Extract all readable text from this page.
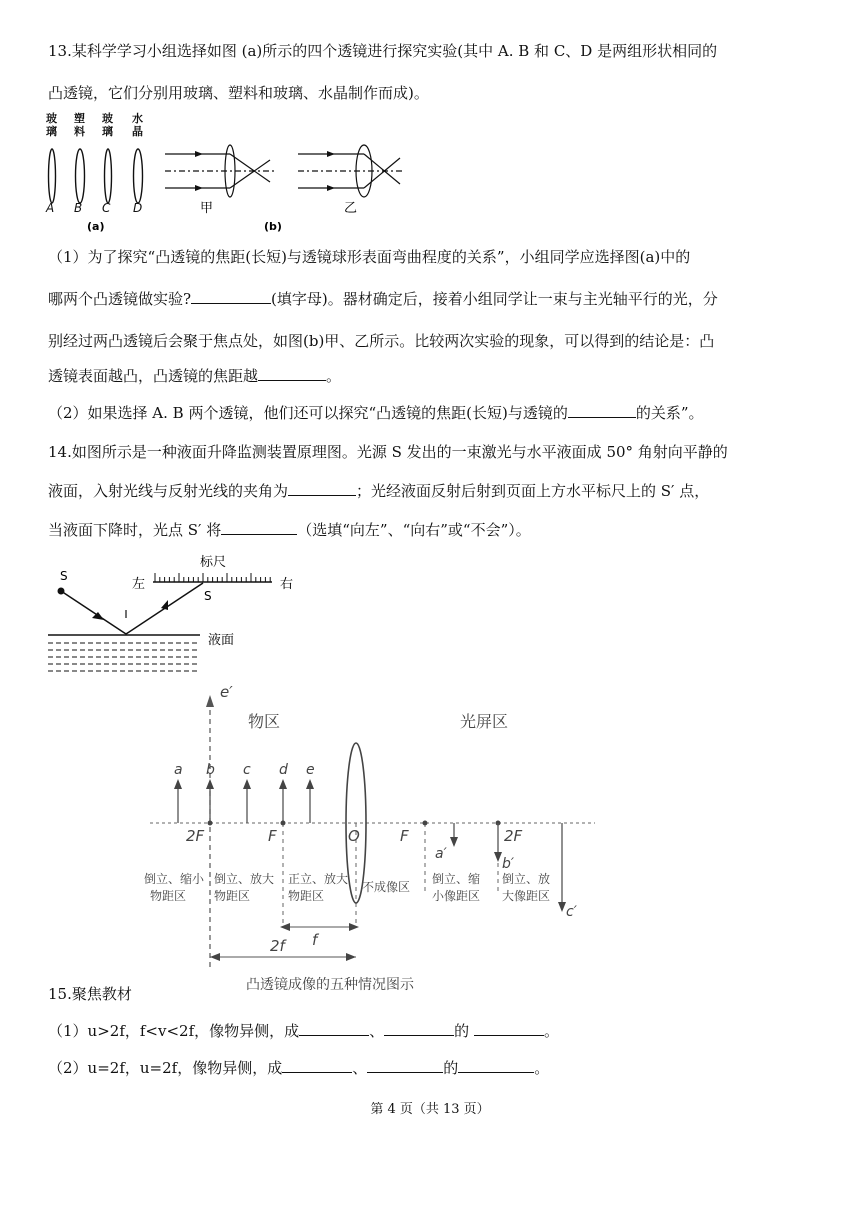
13.某科学学习小组选择如图 (a)所示的四个透镜进行探究实验(其中 A. B 和 C、D 是两组形状相同的
凸透镜，它们分别用玻璃、塑料和玻璃、水晶制作而成)。
玻
璃
塑
料
玻
璃
水
晶
A B C D
(a)
甲
(b)
乙
（1）为了探究“凸透镜的焦距(长短)与透镜球形表面弯曲程度的关系”，小组同学应选择图(a)中的
哪两个凸透镜做实验?	(填字母)。器材确定后，接着小组同学让一束与主光轴平行的光，分
别经过两凸透镜后会聚于焦点处，如图(b)甲、乙所示。比较两次实验的现象，可以得到的结论是：凸
透镜表面越凸，凸透镜的焦距越	。
（2）如果选择 A. B 两个透镜，他们还可以探究“凸透镜的焦距(长短)与透镜的	的关系”。
14.如图所示是一种液面升降监测装置原理图。光源 S 发出的一束激光与水平液面成 50° 角射向平静的
液面，入射光线与反射光线的夹角为	；光经液面反射后射到页面上方水平标尺上的 S′ 点，
当液面下降时，光点 S′ 将	（选填“向左”、“向右”或“不会”）。
标尺
左	右
S
S
液面
e′
物区	光屏区
a b c d e
2F	F	O	F	2F
a′
b′
c′
倒立、缩小
物距区
倒立、放大
物距区
正立、放大
物距区
不成像区
倒立、缩
小像距区
倒立、放
大像距区
f
2f
凸透镜成像的五种情况图示
15.聚焦教材
（1）u>2f，f<v<2f，像物异侧，成	、	的	。
（2）u=2f，u=2f，像物异侧，成	、	的	。
第 4 页（共 13 页）
